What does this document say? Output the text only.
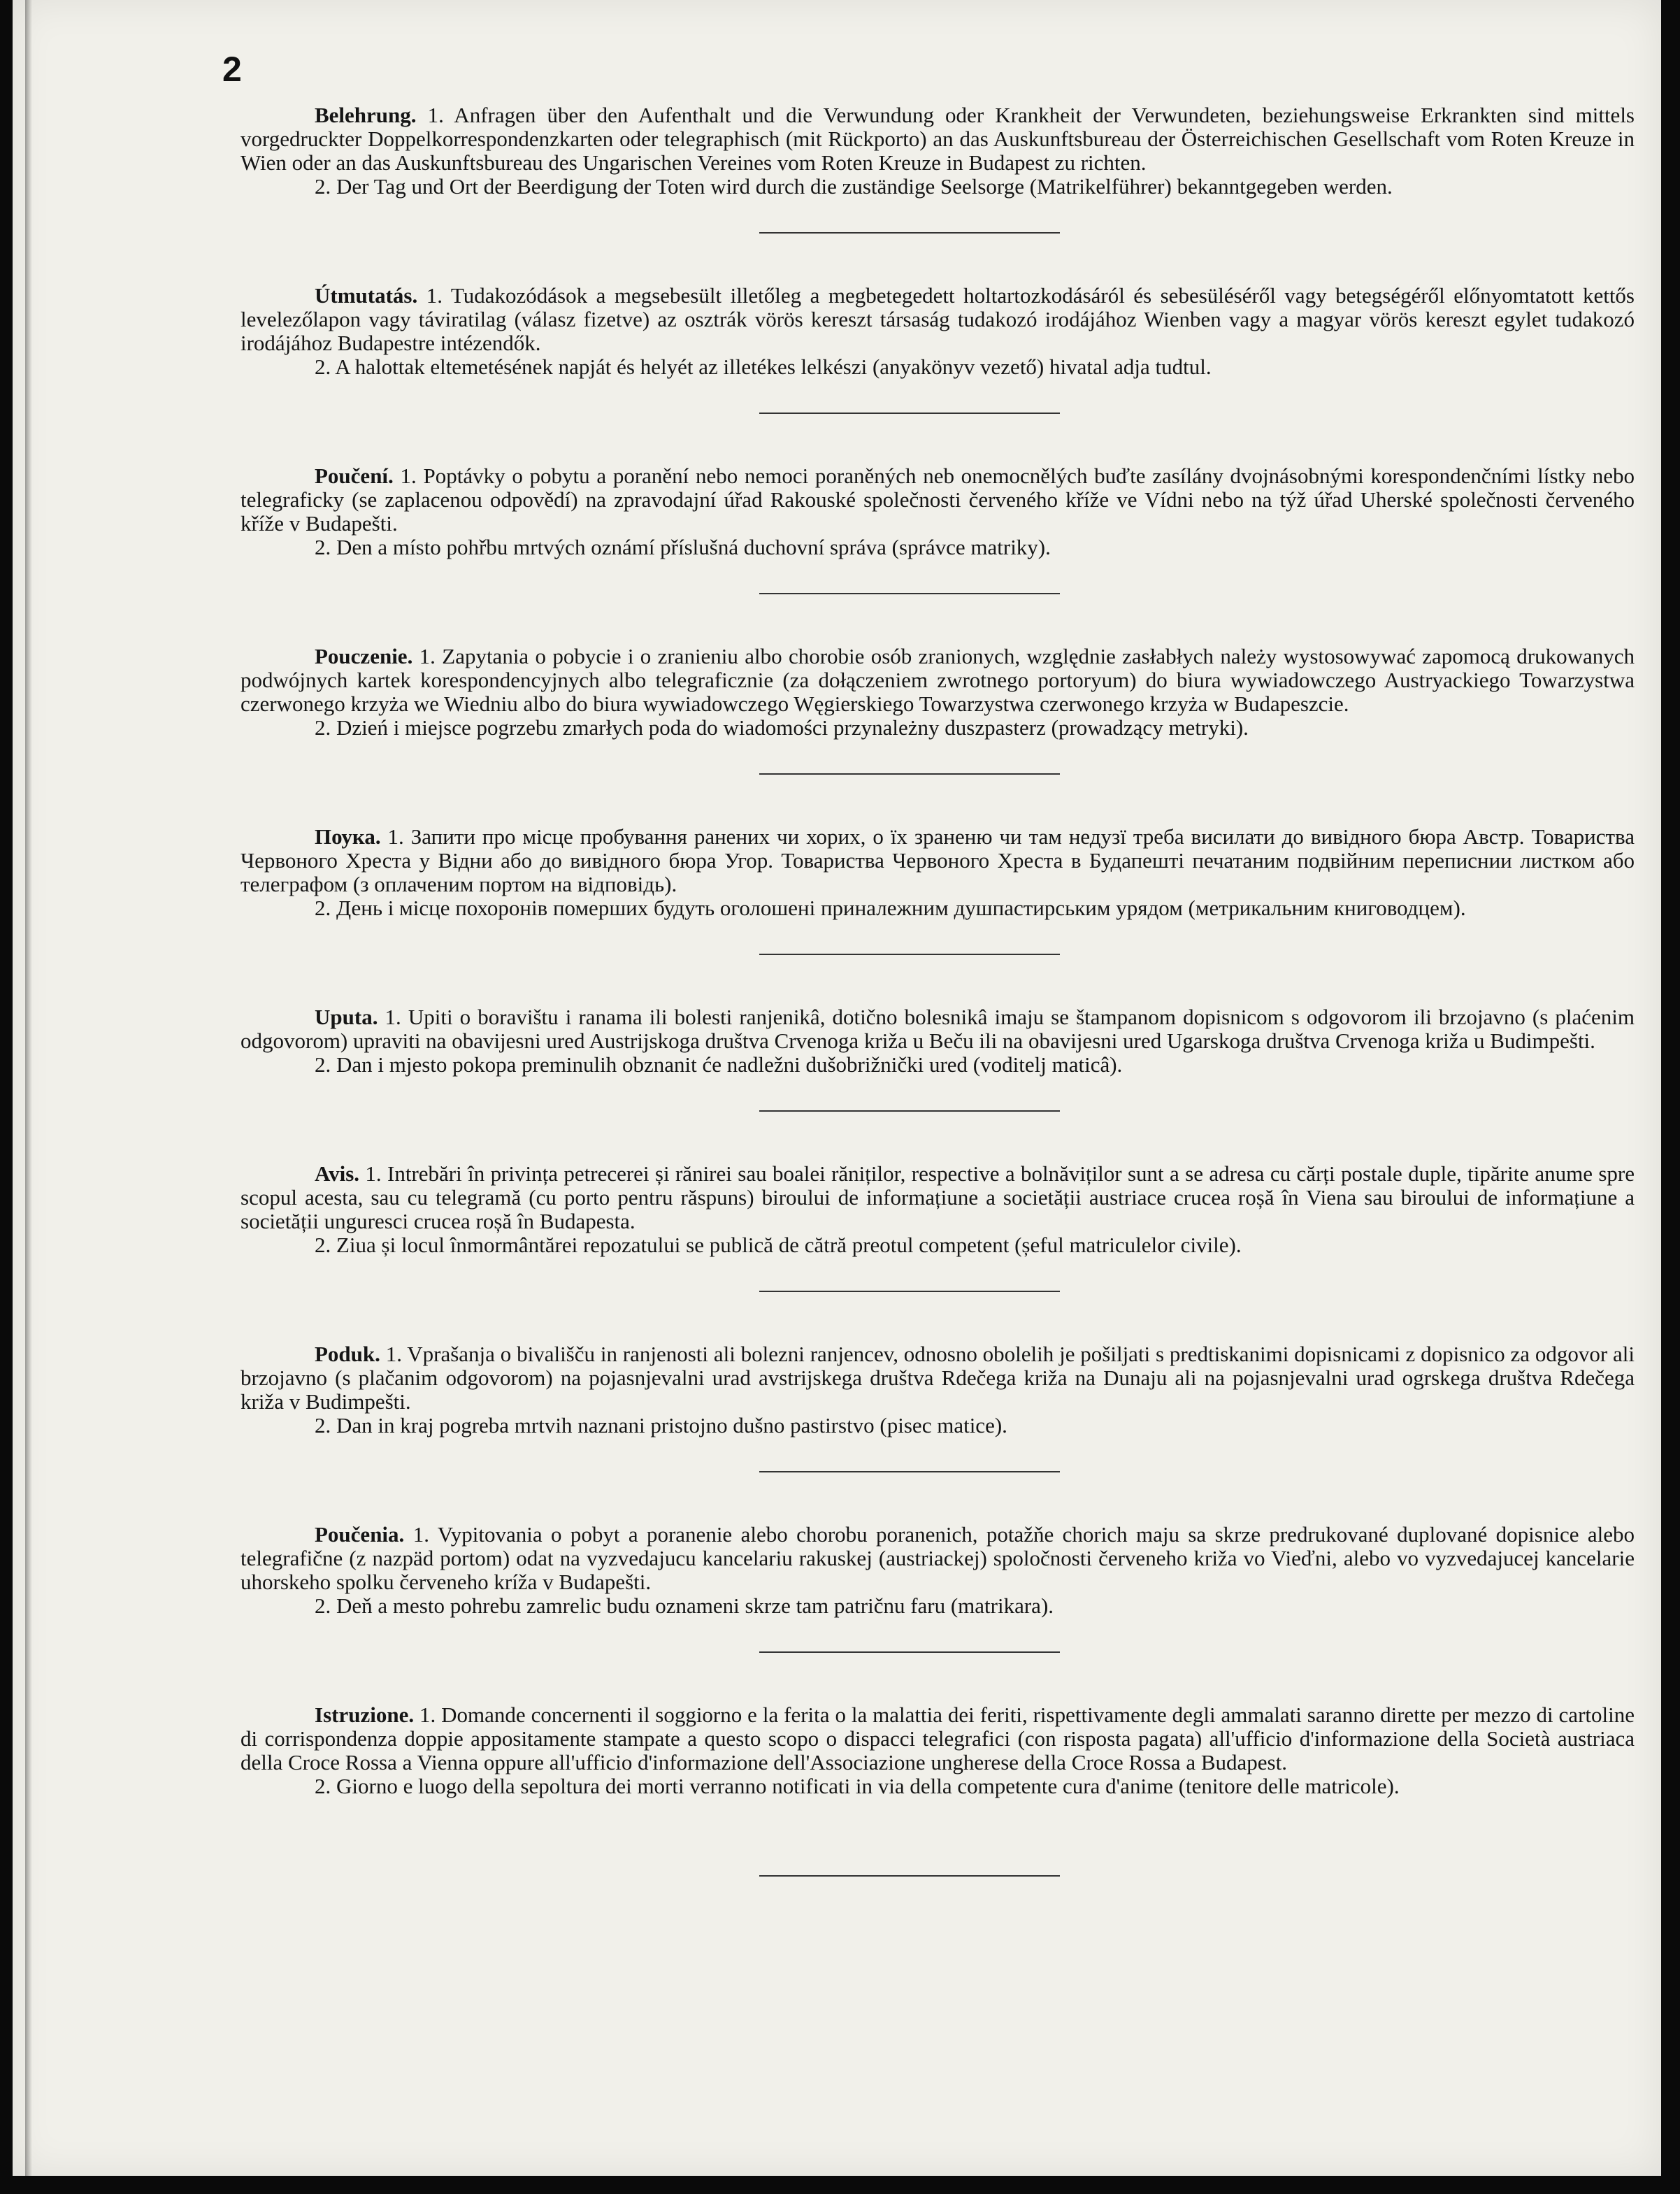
2

Belehrung. 1. Anfragen über den Aufenthalt und die Verwundung oder Krankheit der Verwundeten, beziehungsweise Erkrankten sind mittels vorgedruckter Doppelkorrespondenzkarten oder telegraphisch (mit Rückporto) an das Auskunftsbureau der Österreichischen Gesellschaft vom Roten Kreuze in Wien oder an das Auskunftsbureau des Ungarischen Vereines vom Roten Kreuze in Budapest zu richten.

2. Der Tag und Ort der Beerdigung der Toten wird durch die zuständige Seelsorge (Matrikelführer) bekanntgegeben werden.

Útmutatás. 1. Tudakozódások a megsebesült illetőleg a megbetegedett holtartozkodásáról és sebesüléséről vagy betegségéről előnyomtatott kettős levelezőlapon vagy táviratilag (válasz fizetve) az osztrák vörös kereszt társaság tudakozó irodájához Wienben vagy a magyar vörös kereszt egylet tudakozó irodájához Budapestre intézendők.

2. A halottak eltemetésének napját és helyét az illetékes lelkészi (anyakönyv vezető) hivatal adja tudtul.

Poučení. 1. Poptávky o pobytu a poranění nebo nemoci poraněných neb onemocnělých buďte zasílány dvojnásobnými korespondenčními lístky nebo telegraficky (se zaplacenou odpovědí) na zpravodajní úřad Rakouské společnosti červeného kříže ve Vídni nebo na týž úřad Uherské společnosti červeného kříže v Budapešti.

2. Den a místo pohřbu mrtvých oznámí příslušná duchovní správa (správce matriky).

Pouczenie. 1. Zapytania o pobycie i o zranieniu albo chorobie osób zranionych, względnie zasłabłych należy wystosowywać zapomocą drukowanych podwójnych kartek korespondencyjnych albo telegraficznie (za dołączeniem zwrotnego portoryum) do biura wywiadowczego Austryackiego Towarzystwa czerwonego krzyża we Wiedniu albo do biura wywiadowczego Węgierskiego Towarzystwa czerwonego krzyża w Budapeszcie.

2. Dzień i miejsce pogrzebu zmarłych poda do wiadomości przynależny duszpasterz (prowadzący metryki).

Поука. 1. Запити про місце пробування ранених чи хорих, о їх зраненю чи там недузї треба висилати до вивідного бюра Австр. Товариства Червоного Хреста у Відни або до вивідного бюра Угор. Товариства Червоного Хреста в Будапешті печатаним подвійним переписнии листком або телеграфом (з оплаченим портом на відповідь).

2. День і місце похоронів померших будуть оголошені приналежним душпастирським урядом (метрикальним книговодцем).

Uputa. 1. Upiti o boravištu i ranama ili bolesti ranjenikâ, dotično bolesnikâ imaju se štampanom dopisnicom s odgovorom ili brzojavno (s plaćenim odgovorom) upraviti na obavijesni ured Austrijskoga društva Crvenoga križa u Beču ili na obavijesni ured Ugarskoga društva Crvenoga križa u Budimpešti.

2. Dan i mjesto pokopa preminulih obznanit će nadležni dušobrižnički ured (voditelj maticâ).

Avis. 1. Intrebări în privința petrecerei și rănirei sau boalei răniților, respective a bolnăviților sunt a se adresa cu cărți postale duple, tipărite anume spre scopul acesta, sau cu telegramă (cu porto pentru răspuns) biroului de informațiune a societății austriace crucea roșă în Viena sau biroului de informațiune a societății ungurescі crucea roșă în Budapesta.

2. Ziua și locul înmormântărei repozatului se publică de cătră preotul competent (șeful matriculelor civile).

Poduk. 1. Vprašanja o bivališču in ranjenosti ali bolezni ranjencev, odnosno obolelih je pošiljati s predtiskanimi dopisnicami z dopisnico za odgovor ali brzojavno (s plačanim odgovorom) na pojasnjevalni urad avstrijskega društva Rdečega križa na Dunaju ali na pojasnjevalni urad ogrskega društva Rdečega križa v Budimpešti.

2. Dan in kraj pogreba mrtvih naznani pristojno dušno pastirstvo (pisec matice).

Poučenia. 1. Vypitovania o pobyt a poranenie alebo chorobu poranenich, potažňe chorich maju sa skrze predrukované duplované dopisnice alebo telegrafične (z nazpäd portom) odat na vyzvedajucu kancelariu rakuskej (austriackej) spoločnosti červeneho križa vo Vieďni, alebo vo vyzvedajucej kancelarie uhorskeho spolku červeneho kríža v Budapešti.

2. Deň a mesto pohrebu zamrelic budu oznameni skrze tam patričnu faru (matrikara).

Istruzione. 1. Domande concernenti il soggiorno e la ferita o la malattia dei feriti, rispettivamente degli ammalati saranno dirette per mezzo di cartoline di corrispondenza doppie appositamente stampate a questo scopo o dispacci telegrafici (con risposta pagata) all'ufficio d'informazione della Società austriaca della Croce Rossa a Vienna oppure all'ufficio d'informazione dell'Associazione ungherese della Croce Rossa a Budapest.

2. Giorno e luogo della sepoltura dei morti verranno notificati in via della competente cura d'anime (tenitore delle matricole).
